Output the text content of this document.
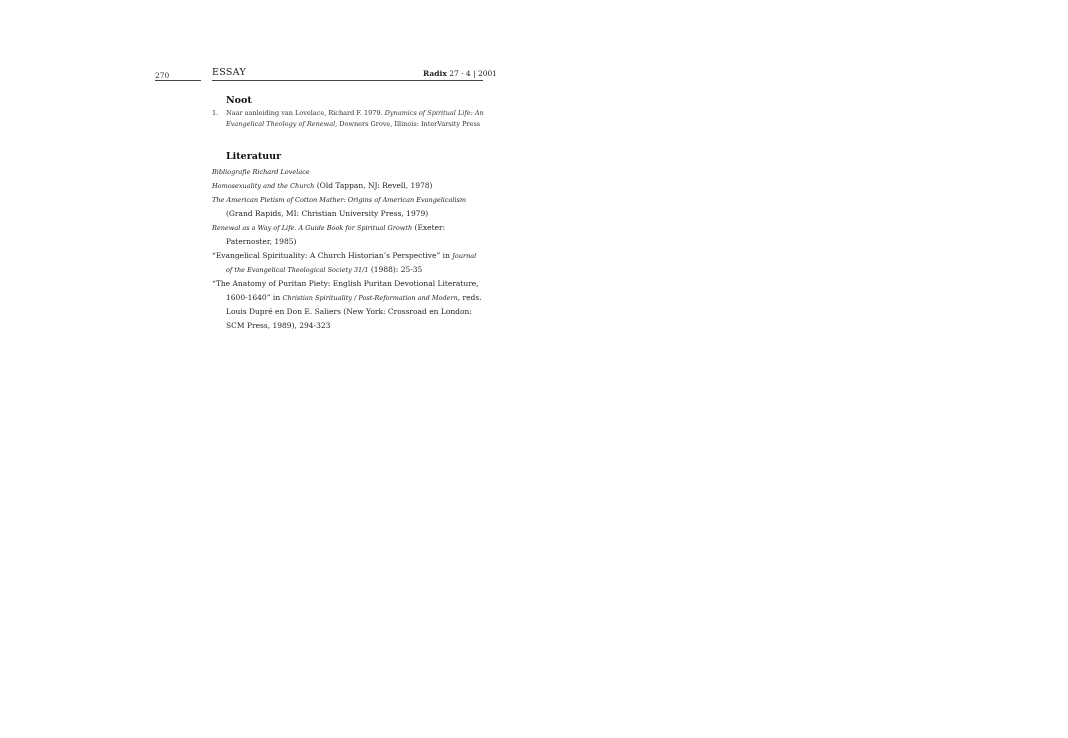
270	ESSAY	Radix 27 · 4 | 2001
Noot
1. Naar aanleiding van Lovelace, Richard F. 1979. Dynamics of Spiritual Life: An Evangelical Theology of Renewal, Downers Grove, Illinois: InterVarsity Press
Literatuur
Bibliografie Richard Lovelace
Homosexuality and the Church (Old Tappan, NJ: Revell, 1978)
The American Pietism of Cotton Mather: Origins of American Evangelicalism (Grand Rapids, MI: Christian University Press, 1979)
Renewal as a Way of Life. A Guide Book for Spiritual Growth (Exeter: Paternoster, 1985)
“Evangelical Spirituality: A Church Historian’s Perspective” in Journal of the Evangelical Theological Society 31/1 (1988): 25-35
“The Anatomy of Puritan Piety: English Puritan Devotional Literature, 1600-1640” in Christian Spirituality / Post-Reformation and Modern, reds. Louis Dupré en Don E. Saliers (New York: Crossroad en London: SCM Press, 1989), 294-323
